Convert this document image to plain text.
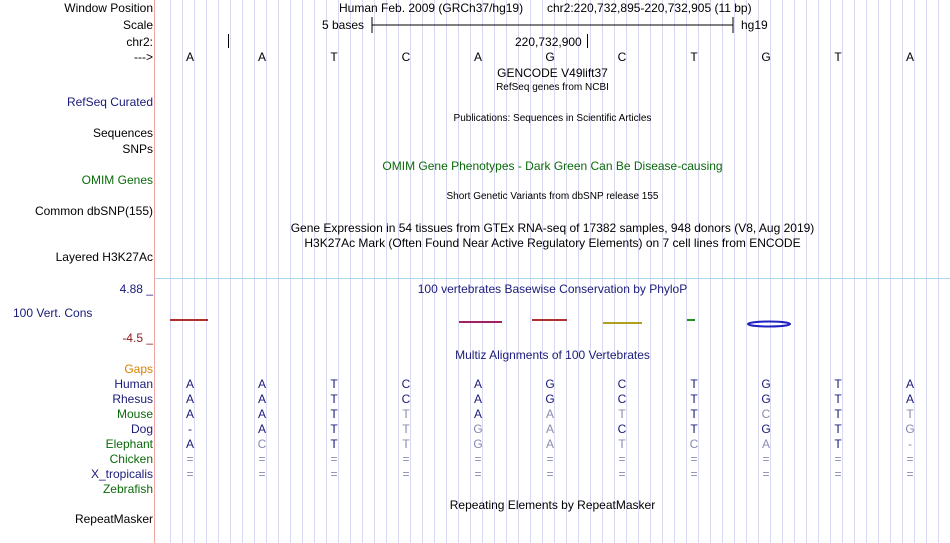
Window Position	Human Feb. 2009 (GRCh37/hg19) chr2:220,732,895-220,732,905 (11 bp)
Scale	5 bases	hg19
chr2:	220,732,900
--->	A	A	T	C	A	G	C	T	G	T	A
GENCODE V49lift37
RefSeq genes from NCBI
RefSeq Curated
Publications: Sequences in Scientific Articles
Sequences
SNPs
OMIM Gene Phenotypes - Dark Green Can Be Disease-causing
OMIM Genes
Short Genetic Variants from dbSNP release 155
Common dbSNP(155)
Gene Expression in 54 tissues from GTEx RNA-seq of 17382 samples, 948 donors (V8, Aug 2019)
H3K27Ac Mark (Often Found Near Active Regulatory Elements) on 7 cell lines from ENCODE
Layered H3K27Ac
4.88 _	100 vertebrates Basewise Conservation by PhyloP
100 Vert. Cons
-4.5 _
Multiz Alignments of 100 Vertebrates
Gaps
Human	A	A	T	C	A	G	C	T	G	T	A
Rhesus	A	A	T	C	A	G	C	T	G	T	A
Mouse	A	A	T	T	A	A	T	T	C	T	T
Dog	-	A	T	T	G	A	C	T	G	T	G
Elephant	A	C	T	T	G	A	T	C	A	T	-
Chicken	=	=	=	=	=	=	=	=	=	=	=
X_tropicalis	=	=	=	=	=	=	=	=	=	=	=
Zebrafish
Repeating Elements by RepeatMasker
RepeatMasker
